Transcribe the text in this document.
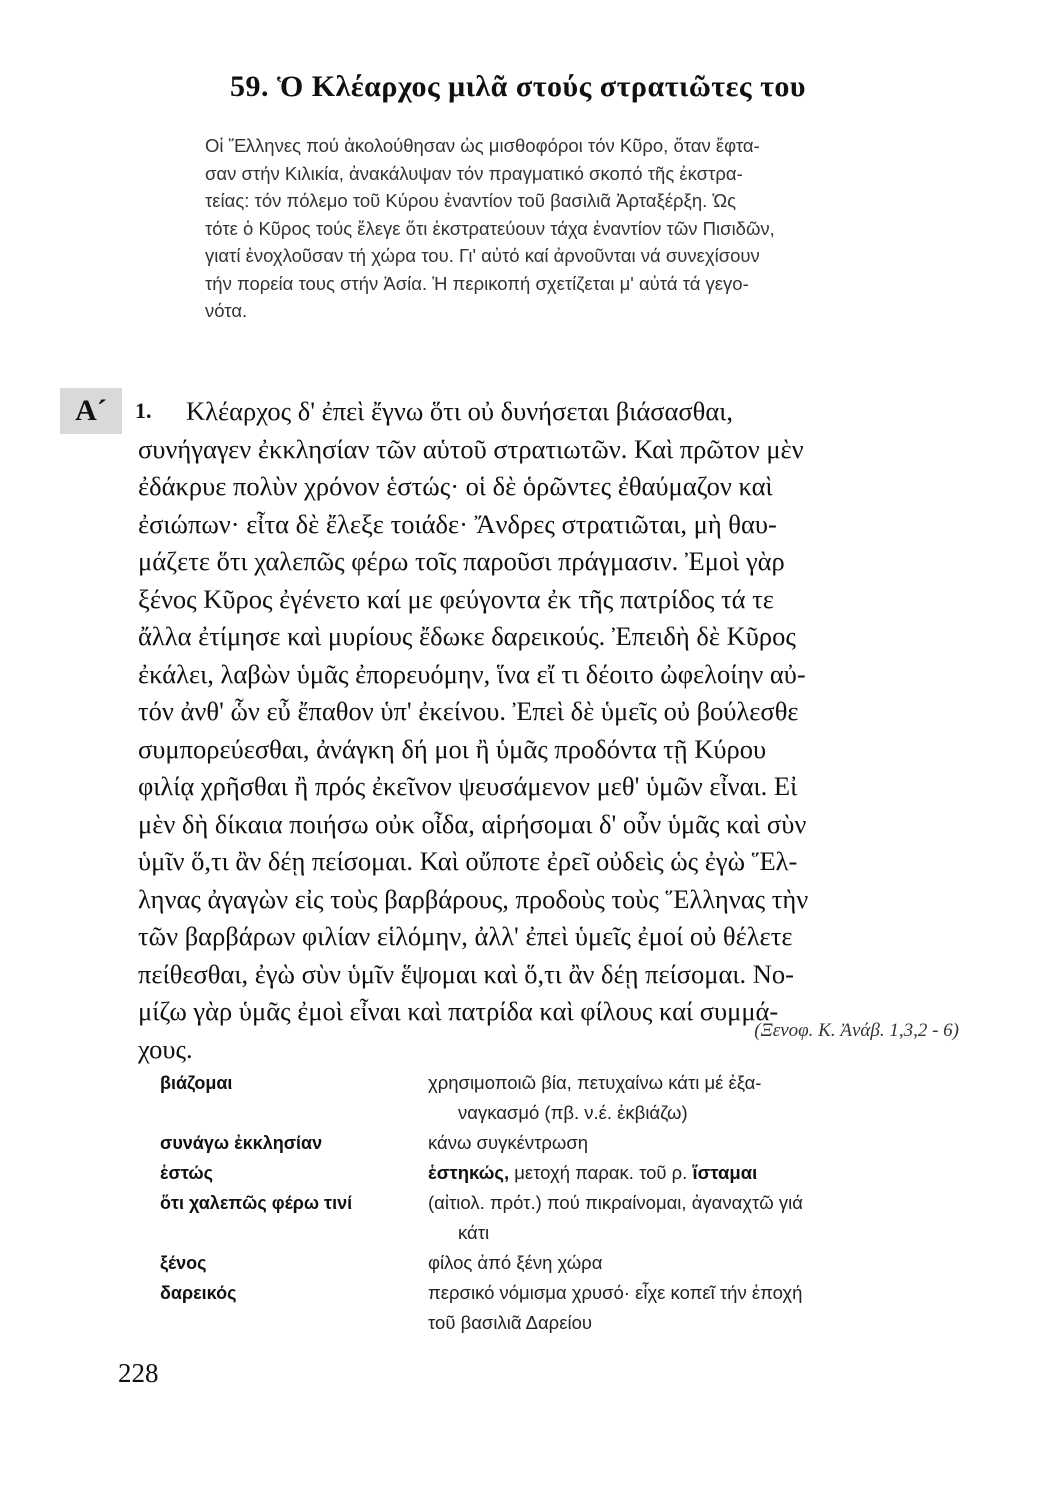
59. Ὁ Κλέαρχος μιλᾶ στούς στρατιῶτες του
Οἱ Ἕλληνες πού ἀκολούθησαν ὡς μισθοφόροι τόν Κῦρο, ὅταν ἔφτα-
σαν στήν Κιλικία, ἀνακάλυψαν τόν πραγματικό σκοπό τῆς ἐκστρα-
τείας: τόν πόλεμο τοῦ Κύρου ἐναντίον τοῦ βασιλιᾶ Ἀρταξέρξη. Ὡς
τότε ὁ Κῦρος τούς ἔλεγε ὅτι ἐκστρατεύουν τάχα ἐναντίον τῶν Πισιδῶν,
γιατί ἐνοχλοῦσαν τή χώρα του. Γι' αὐτό καί ἀρνοῦνται νά συνεχίσουν
τήν πορεία τους στήν Ἀσία. Ἡ περικοπή σχετίζεται μ' αὐτά τά γεγο-
νότα.
Α´	1.	Κλέαρχος δ' ἐπεὶ ἔγνω ὅτι οὐ δυνήσεται βιάσασθαι,
συνήγαγεν ἐκκλησίαν τῶν αὑτοῦ στρατιωτῶν. Καὶ πρῶτον μὲν
ἐδάκρυε πολὺν χρόνον ἑστώς· οἱ δὲ ὁρῶντες ἐθαύμαζον καὶ
ἐσιώπων· εἶτα δὲ ἔλεξε τοιάδε· Ἄνδρες στρατιῶται, μὴ θαυ-
μάζετε ὅτι χαλεπῶς φέρω τοῖς παροῦσι πράγμασιν. Ἐμοὶ γὰρ
ξένος Κῦρος ἐγένετο καί με φεύγοντα ἐκ τῆς πατρίδος τά τε
ἄλλα ἐτίμησε καὶ μυρίους ἔδωκε δαρεικούς. Ἐπειδὴ δὲ Κῦρος
ἐκάλει, λαβὼν ὑμᾶς ἐπορευόμην, ἵνα εἴ τι δέοιτο ὠφελοίην αὐ-
τόν ἀνθ' ὧν εὖ ἔπαθον ὑπ' ἐκείνου. Ἐπεὶ δὲ ὑμεῖς οὐ βούλεσθε
συμπορεύεσθαι, ἀνάγκη δή μοι ἢ ὑμᾶς προδόντα τῇ Κύρου
φιλίᾳ χρῆσθαι ἢ πρός ἐκεῖνον ψευσάμενον μεθ' ὑμῶν εἶναι. Εἰ
μὲν δὴ δίκαια ποιήσω οὐκ οἶδα, αἱρήσομαι δ' οὖν ὑμᾶς καὶ σὺν
ὑμῖν ὅ,τι ἂν δέῃ πείσομαι. Καὶ οὔποτε ἐρεῖ οὐδεὶς ὡς ἐγὼ Ἕλ-
ληνας ἀγαγὼν εἰς τοὺς βαρβάρους, προδοὺς τοὺς Ἕλληνας τὴν
τῶν βαρβάρων φιλίαν εἱλόμην, ἀλλ' ἐπεὶ ὑμεῖς ἐμοί οὐ θέλετε
πείθεσθαι, ἐγὼ σὺν ὑμῖν ἕψομαι καὶ ὅ,τι ἂν δέῃ πείσομαι. Νο-
μίζω γὰρ ὑμᾶς ἐμοὶ εἶναι καὶ πατρίδα καὶ φίλους καί συμμά-
χους.
(Ξενοφ. Κ. Ἀνάβ. 1,3,2 - 6)
βιάζομαι	χρησιμοποιῶ βία, πετυχαίνω κάτι μέ ἐξα-
ναγκασμό (πβ. ν.έ. ἐκβιάζω)
συνάγω ἐκκλησίαν	κάνω συγκέντρωση
ἑστώς	ἑστηκώς, μετοχή παρακ. τοῦ ρ. ἵσταμαι
ὅτι χαλεπῶς φέρω τινί	(αἰτιολ. πρότ.) πού πικραίνομαι, ἀγαναχτῶ γιά
κάτι
ξένος	φίλος ἀπό ξένη χώρα
δαρεικός	περσικό νόμισμα χρυσό· εἶχε κοπεῖ τήν ἐποχή
τοῦ βασιλιᾶ Δαρείου
228
